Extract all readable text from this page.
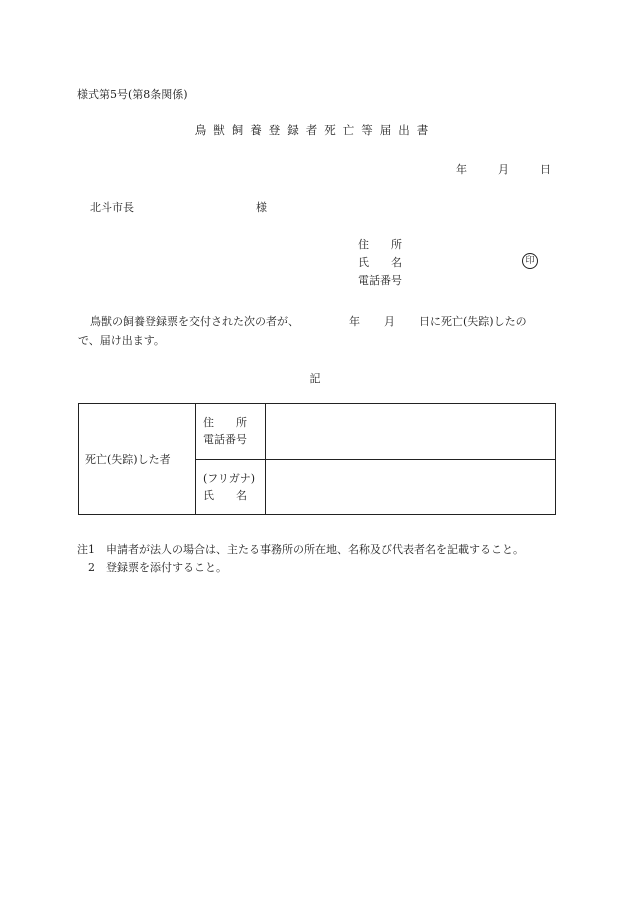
様式第5号(第8条関係)
鳥獣飼養登録者死亡等届出書
年	月	日
北斗市長	様
住　　所
氏　　名
電話番号
印
鳥獣の飼養登録票を交付された次の者が、	年 月 日に死亡(失踪)したの
で、届け出ます。
記
死亡(失踪)した者	住　　所
電話番号	

	(フリガナ)
氏　　名	

注1　申請者が法人の場合は、主たる事務所の所在地、名称及び代表者名を記載すること。
2　登録票を添付すること。
